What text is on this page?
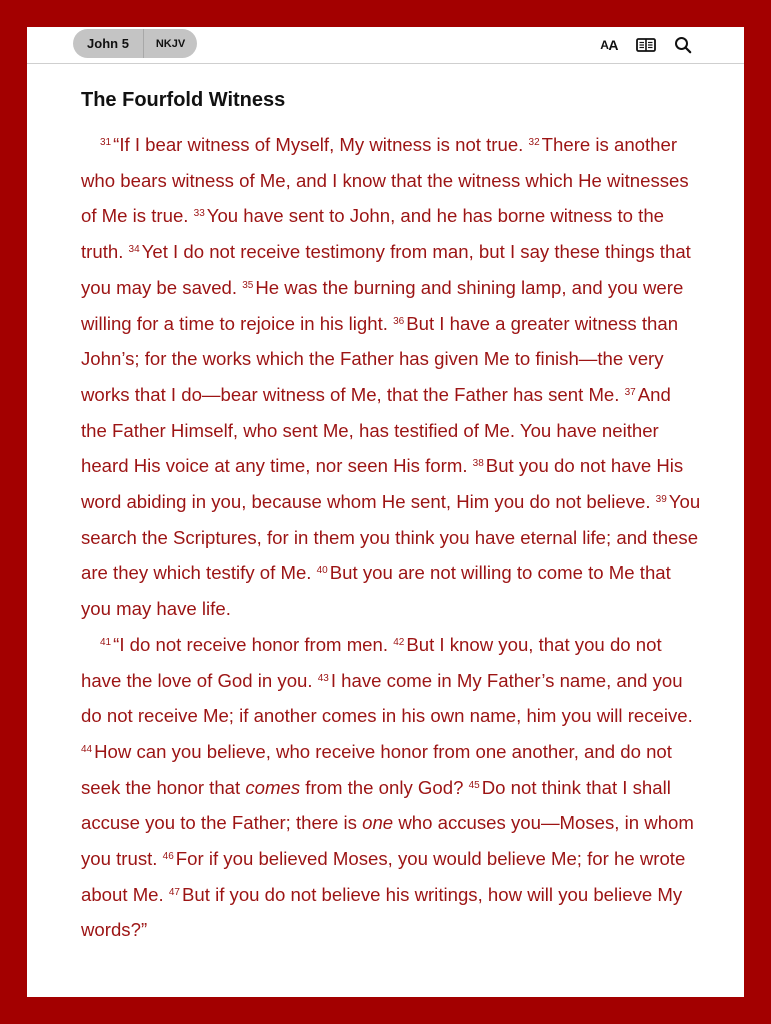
John 5	NKJV	A A
The Fourfold Witness

$^{31}$ “If I bear witness of Myself, My witness is not true. $^{32}$ There is another who bears witness of Me, and I know that the witness which He witnesses of Me is true. $^{33}$ You have sent to John, and he has borne witness to the truth. $^{34}$ Yet I do not receive testimony from man, but I say these things that you may be saved. $^{35}$ He was the burning and shining lamp, and you were willing for a time to rejoice in his light. $^{36}$ But I have a greater witness than John’s; for the works which the Father has given Me to finish—the very works that I do—bear witness of Me, that the Father has sent Me. $^{37}$ And the Father Himself, who sent Me, has testified of Me. You have neither heard His voice at any time, nor seen His form. $^{38}$ But you do not have His word abiding in you, because whom He sent, Him you do not believe. $^{39}$ You search the Scriptures, for in them you think you have eternal life; and these are they which testify of Me. $^{40}$ But you are not willing to come to Me that you may have life.

$^{41}$ “I do not receive honor from men. $^{42}$ But I know you, that you do not have the love of God in you. $^{43}$ I have come in My Father’s name, and you do not receive Me; if another comes in his own name, him you will receive. $^{44}$ How can you believe, who receive honor from one another, and do not seek the honor that comes from the only God? $^{45}$ Do not think that I shall accuse you to the Father; there is one who accuses you—Moses, in whom you trust. $^{46}$ For if you believed Moses, you would believe Me; for he wrote about Me. $^{47}$ But if you do not believe his writings, how will you believe My words?”
